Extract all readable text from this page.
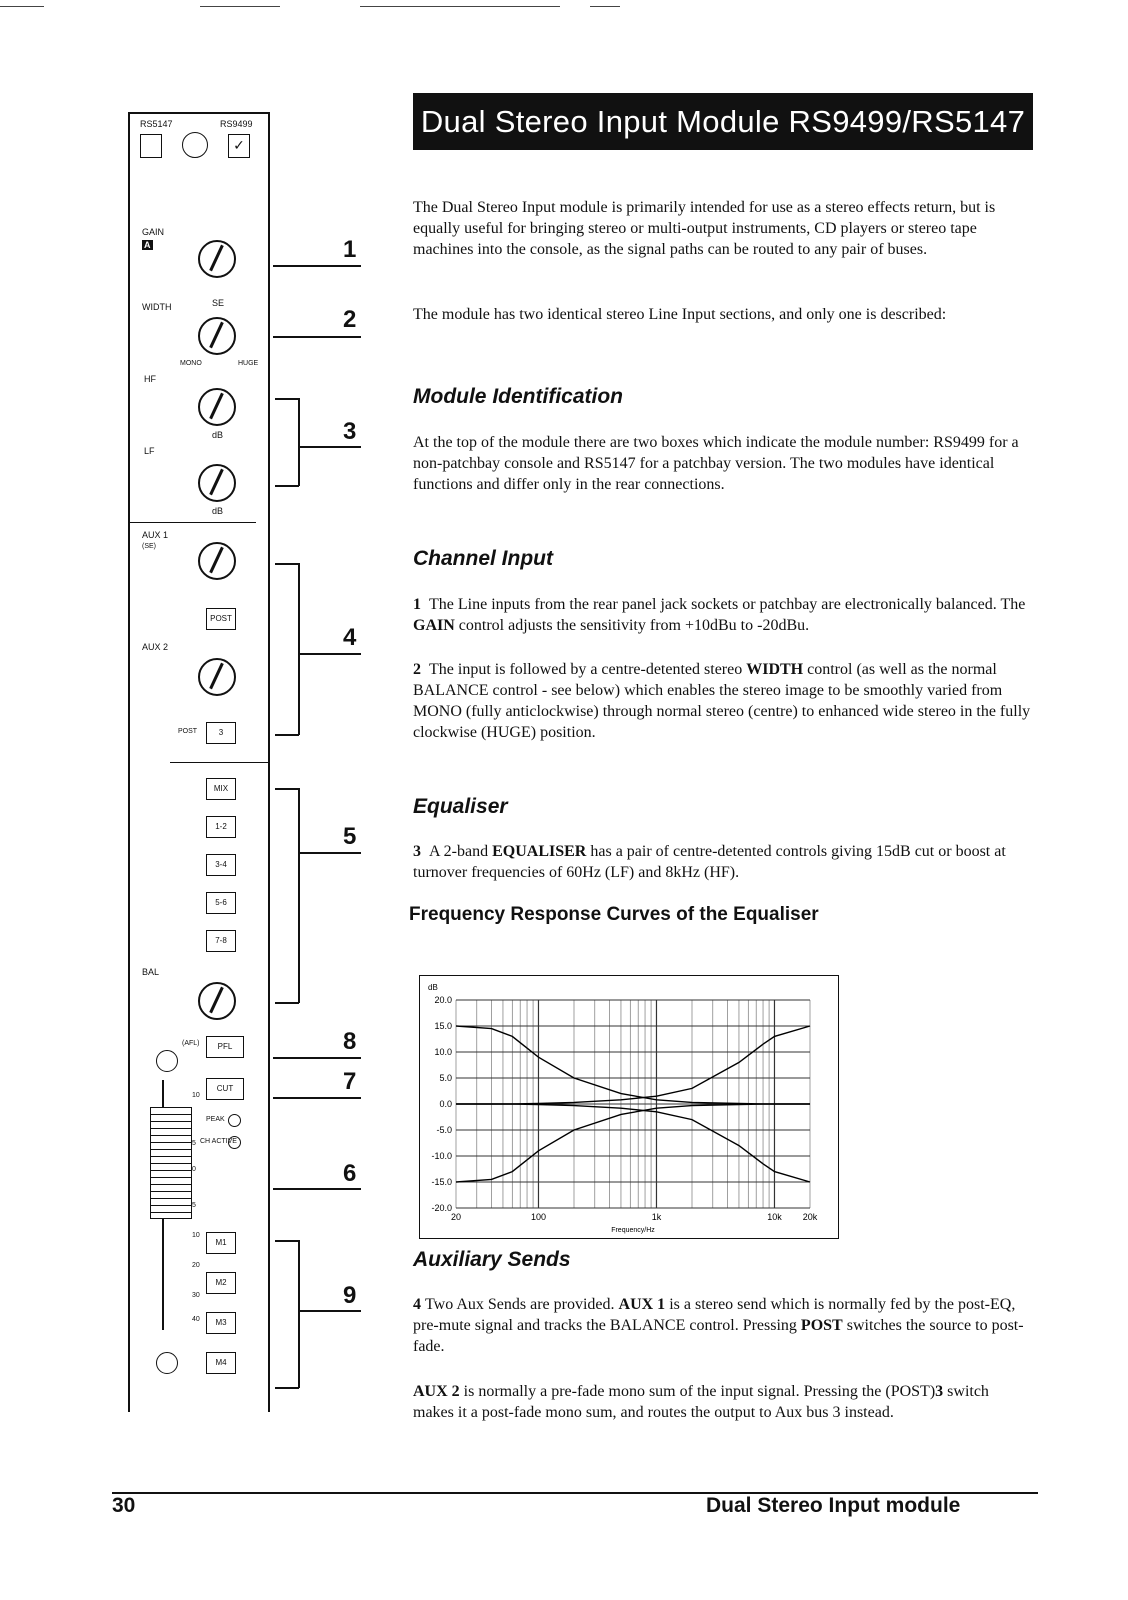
RS5147	RS9499
✓
GAIN
A
WIDTH	SE
MONO	HUGE
HF
dB
LF
dB
AUX 1
(SE)
POST
AUX 2
POST	3
MIX
1-2
3-4
5-6
7-8
BAL
(AFL)	PFL
CUT
PEAK
CH ACTIVE
10
5
0
5
10
20
30
40
M1
M2
M3
M4
1
2
3
4
5
8
7
6
9
Dual Stereo Input Module RS9499/RS5147

The Dual Stereo Input module is primarily intended for use as a stereo effects return, but is equally useful for bringing stereo or multi-output instruments, CD players or stereo tape machines into the console, as the signal paths can be routed to any pair of buses.

The module has two identical stereo Line Input sections, and only one is described:

Module Identification

At the top of the module there are two boxes which indicate the module number: RS9499 for a non-patchbay console and RS5147 for a patchbay version. The two modules have identical functions and differ only in the rear connections.

Channel Input

1 The Line inputs from the rear panel jack sockets or patchbay are electronically balanced. The GAIN control adjusts the sensitivity from +10dBu to -20dBu.

2 The input is followed by a centre-detented stereo WIDTH control (as well as the normal BALANCE control - see below) which enables the stereo image to be smoothly varied from MONO (fully anticlockwise) through normal stereo (centre) to enhanced wide stereo in the fully clockwise (HUGE) position.

Equaliser

3 A 2-band EQUALISER has a pair of centre-detented controls giving 15dB cut or boost at turnover frequencies of 60Hz (LF) and 8kHz (HF).

Frequency Response Curves of the Equaliser
20.0
15.0
10.0
5.0
0.0
-5.0
-10.0
-15.0
-20.0
dB
20	100	1k	10k 20k
Frequency/Hz
Auxiliary Sends

4 Two Aux Sends are provided. AUX 1 is a stereo send which is normally fed by the post-EQ, pre-mute signal and tracks the BALANCE control. Pressing POST switches the source to post-fade.

AUX 2 is normally a pre-fade mono sum of the input signal. Pressing the (POST)3 switch makes it a post-fade mono sum, and routes the output to Aux bus 3 instead.

30	Dual Stereo Input module
